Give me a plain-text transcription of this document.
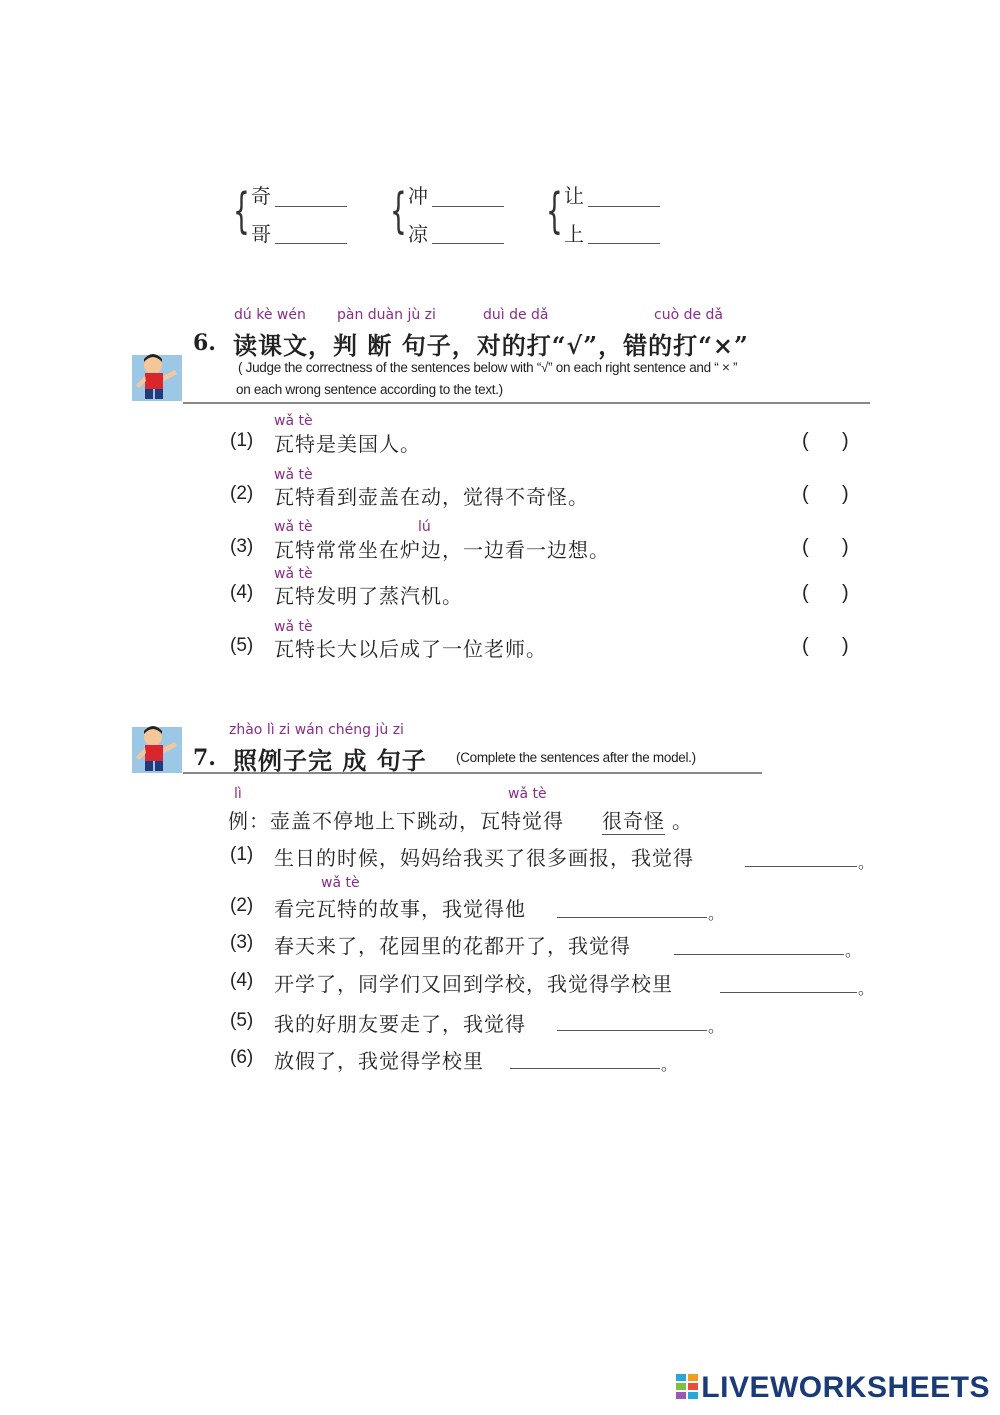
{ 奇
哥 { 冲
凉 { 让
上
dú kè wén pàn duàn jù zi	duì de dǎ	cuò de dǎ
6. 读课文，判 断 句子，对的打“√”，错的打“×”
( Judge the correctness of the sentences below with “√” on each right sentence and “ × ”
on each wrong sentence according to the text.)
wǎ tè
(1) 瓦特是美国人。	(      )
wǎ tè
(2) 瓦特看到壶盖在动，觉得不奇怪。	(      )
wǎ tè	lú
(3) 瓦特常常坐在炉边，一边看一边想。	(      )
wǎ tè
(4) 瓦特发明了蒸汽机。	(      )
wǎ tè
(5) 瓦特长大以后成了一位老师。	(      )
zhào lì zi wán chéng jù zi
7. 照例子完 成 句子 (Complete the sentences after the model.)
lì	wǎ tè
例：壶盖不停地上下跳动，瓦特觉得 很奇怪 。
(1) 生日的时候，妈妈给我买了很多画报，我觉得	。
wǎ tè
(2) 看完瓦特的故事，我觉得他	。
(3) 春天来了，花园里的花都开了，我觉得	。
(4) 开学了，同学们又回到学校，我觉得学校里	。
(5) 我的好朋友要走了，我觉得	。
(6) 放假了，我觉得学校里	。
LIVEWORKSHEETS
